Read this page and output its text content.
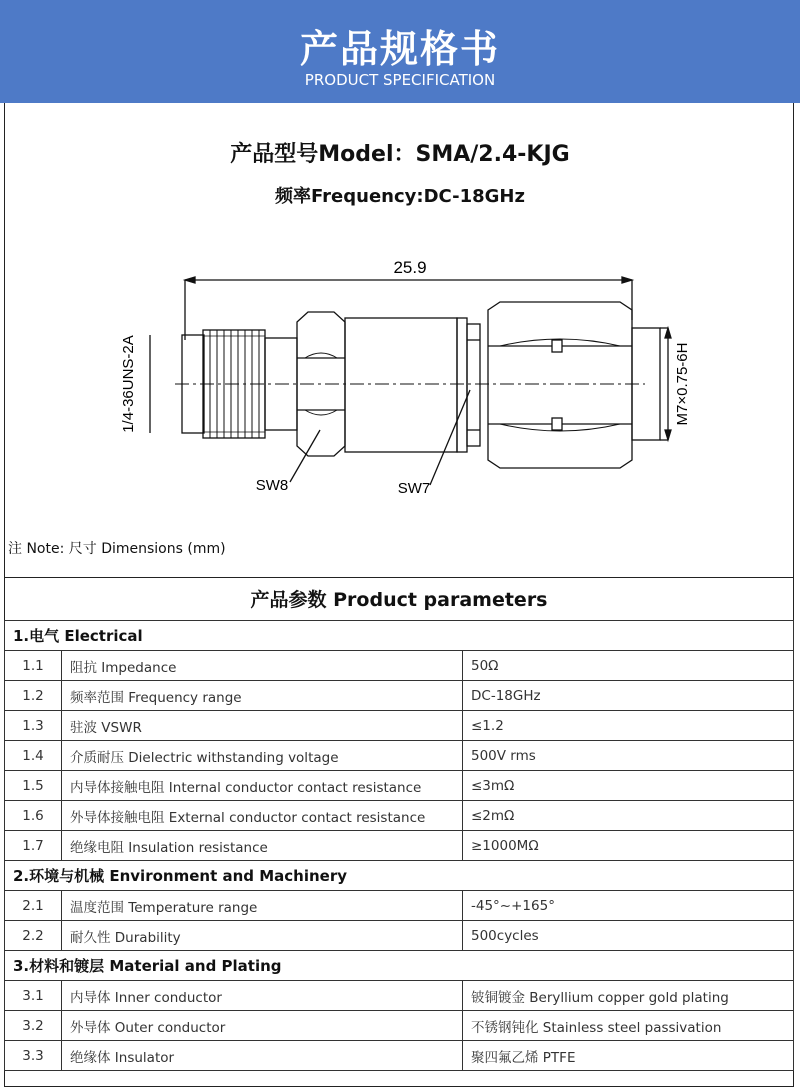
产品规格书
PRODUCT SPECIFICATION
产品型号Model：SMA/2.4-KJG
频率Frequency:DC-18GHz
25.9
1/4-36UNS-2A	M7×0.75-6H
SW8	SW7
注 Note: 尺寸 Dimensions (mm)
产品参数 Product parameters
1.电气 Electrical		
1.1	阻抗 Impedance	50Ω
1.2	频率范围 Frequency range	DC-18GHz
1.3	驻波 VSWR	≤1.2
1.4	介质耐压 Dielectric withstanding voltage	500V rms
1.5	内导体接触电阻 Internal conductor contact resistance	≤3mΩ
1.6	外导体接触电阻 External conductor contact resistance	≤2mΩ
1.7	绝缘电阻 Insulation resistance	≥1000MΩ
2.环境与机械 Environment and Machinery		
2.1	温度范围 Temperature range	-45°~+165°
2.2	耐久性 Durability	500cycles
3.材料和镀层 Material and Plating		
3.1	内导体 Inner conductor	铍铜镀金 Beryllium copper gold plating
3.2	外导体 Outer conductor	不锈钢钝化 Stainless steel passivation
3.3	绝缘体 Insulator	聚四氟乙烯 PTFE
